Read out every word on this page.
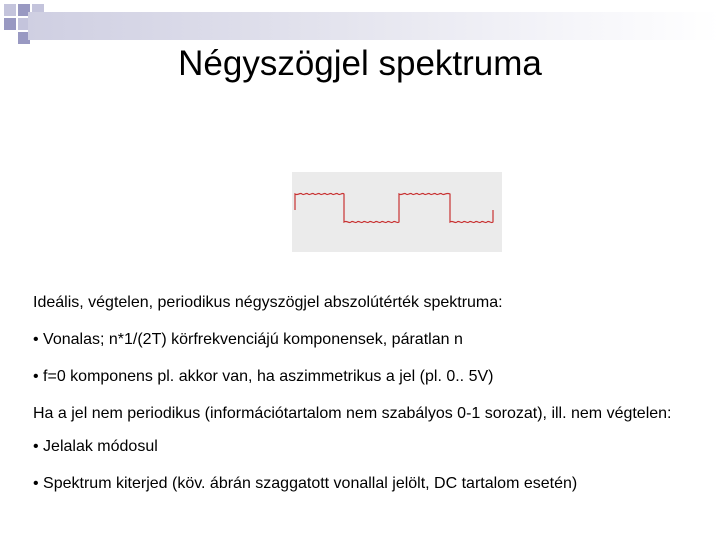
Négyszögjel spektruma

Ideális, végtelen, periodikus négyszögjel abszolútérték spektruma:

• Vonalas; n*1/(2T) körfrekvenciájú komponensek, páratlan n

• f=0 komponens pl. akkor van, ha aszimmetrikus a jel (pl. 0.. 5V)

Ha a jel nem periodikus (információtartalom nem szabályos 0-1 sorozat), ill. nem végtelen:

• Jelalak módosul

• Spektrum kiterjed (köv. ábrán szaggatott vonallal jelölt, DC tartalom esetén)
